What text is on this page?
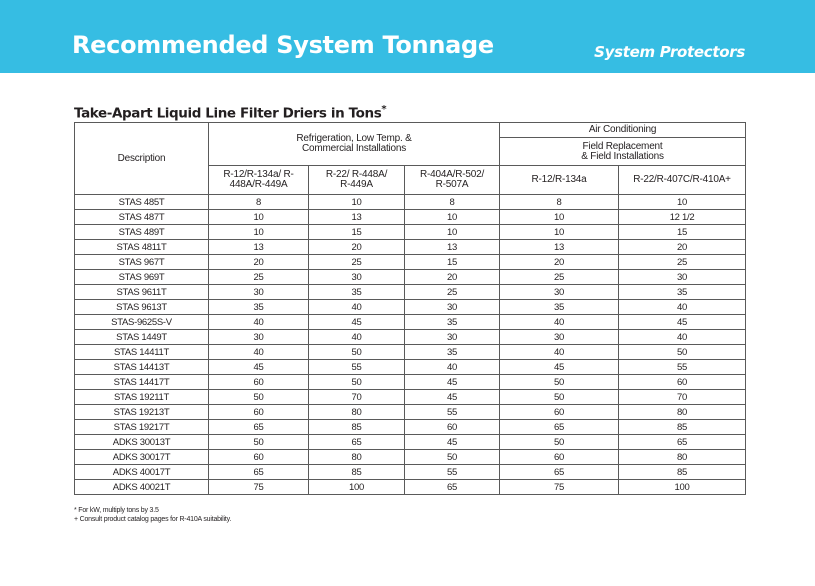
Recommended System Tonnage	System Protectors
Take-Apart Liquid Line Filter Driers in Tons*
Description	Refrigeration, Low Temp. & Commercial Installations			Air Conditioning	
				Field Replacement & Field Installations	
	R-12/R-134a/ R-448A/R-449A	R-22/ R-448A/ R-449A	R-404A/R-502/ R-507A	R-12/R-134a	R-22/R-407C/R-410A+
STAS 485T	8	10	8	8	10
STAS 487T	10	13	10	10	12 1/2
STAS 489T	10	15	10	10	15
STAS 4811T	13	20	13	13	20
STAS 967T	20	25	15	20	25
STAS 969T	25	30	20	25	30
STAS 9611T	30	35	25	30	35
STAS 9613T	35	40	30	35	40
STAS-9625S-V	40	45	35	40	45
STAS 1449T	30	40	30	30	40
STAS 14411T	40	50	35	40	50
STAS 14413T	45	55	40	45	55
STAS 14417T	60	50	45	50	60
STAS 19211T	50	70	45	50	70
STAS 19213T	60	80	55	60	80
STAS 19217T	65	85	60	65	85
ADKS 30013T	50	65	45	50	65
ADKS 30017T	60	80	50	60	80
ADKS 40017T	65	85	55	65	85
ADKS 40021T	75	100	65	75	100
* For kW, multiply tons by 3.5
+ Consult product catalog pages for R-410A suitability.
